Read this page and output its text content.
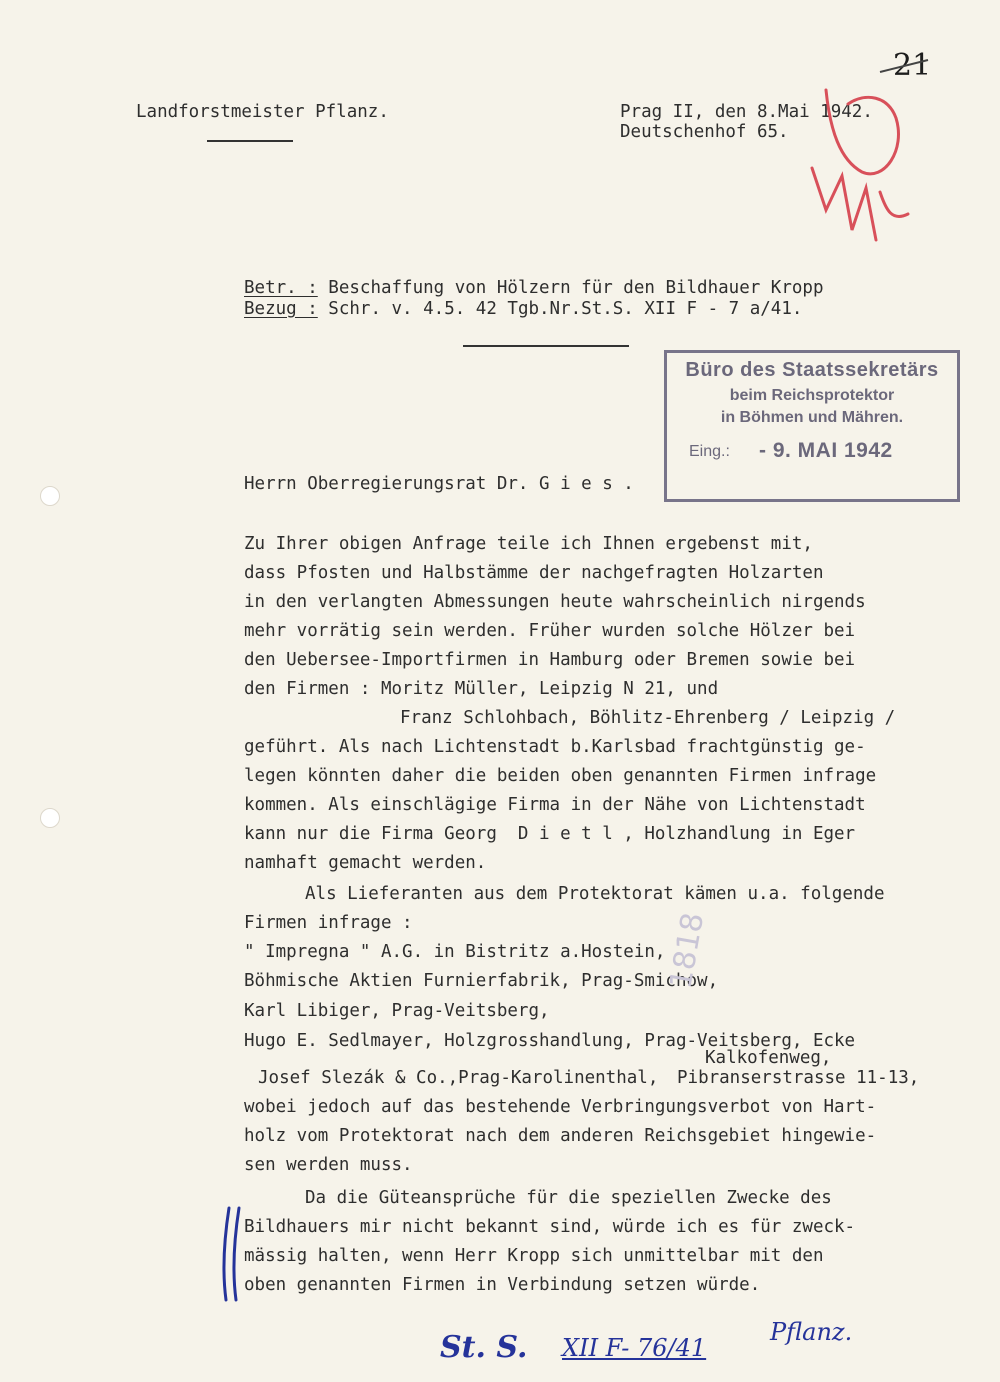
21
Landforstmeister Pflanz.	Prag II, den 8.Mai 1942.
Deutschenhof 65.
Betr. : Beschaffung von Hölzern für den Bildhauer Kropp
Bezug : Schr. v. 4.5. 42 Tgb.Nr.St.S. XII F - 7 a/41.
Büro des Staatssekretärs
beim Reichsprotektor
in Böhmen und Mähren.
Eing.: - 9. MAI 1942
Herrn Oberregierungsrat Dr. G i e s .
Zu Ihrer obigen Anfrage teile ich Ihnen ergebenst mit,
dass Pfosten und Halbstämme der nachgefragten Holzarten
in den verlangten Abmessungen heute wahrscheinlich nirgends
mehr vorrätig sein werden. Früher wurden solche Hölzer bei
den Uebersee-Importfirmen in Hamburg oder Bremen sowie bei
den Firmen : Moritz Müller, Leipzig N 21, und
Franz Schlohbach, Böhlitz-Ehrenberg / Leipzig /
geführt. Als nach Lichtenstadt b.Karlsbad frachtgünstig ge-
legen könnten daher die beiden oben genannten Firmen infrage
kommen. Als einschlägige Firma in der Nähe von Lichtenstadt
kann nur die Firma Georg  D i e t l , Holzhandlung in Eger
namhaft gemacht werden.
Als Lieferanten aus dem Protektorat kämen u.a. folgende
Firmen infrage :
" Impregna " A.G. in Bistritz a.Hostein,
Böhmische Aktien Furnierfabrik, Prag-Smichow,
Karl Libiger, Prag-Veitsberg,
Hugo E. Sedlmayer, Holzgrosshandlung, Prag-Veitsberg, Ecke
Kalkofenweg,
Josef Slezák & Co.,Prag-Karolinenthal, Pibranserstrasse 11-13,
wobei jedoch auf das bestehende Verbringungsverbot von Hart-
holz vom Protektorat nach dem anderen Reichsgebiet hingewie-
sen werden muss.
Da die Güteansprüche für die speziellen Zwecke des
Bildhauers mir nicht bekannt sind, würde ich es für zweck-
mässig halten, wenn Herr Kropp sich unmittelbar mit den
oben genannten Firmen in Verbindung setzen würde.
St. S. XII F- 76/41
Pflanz.
1818
